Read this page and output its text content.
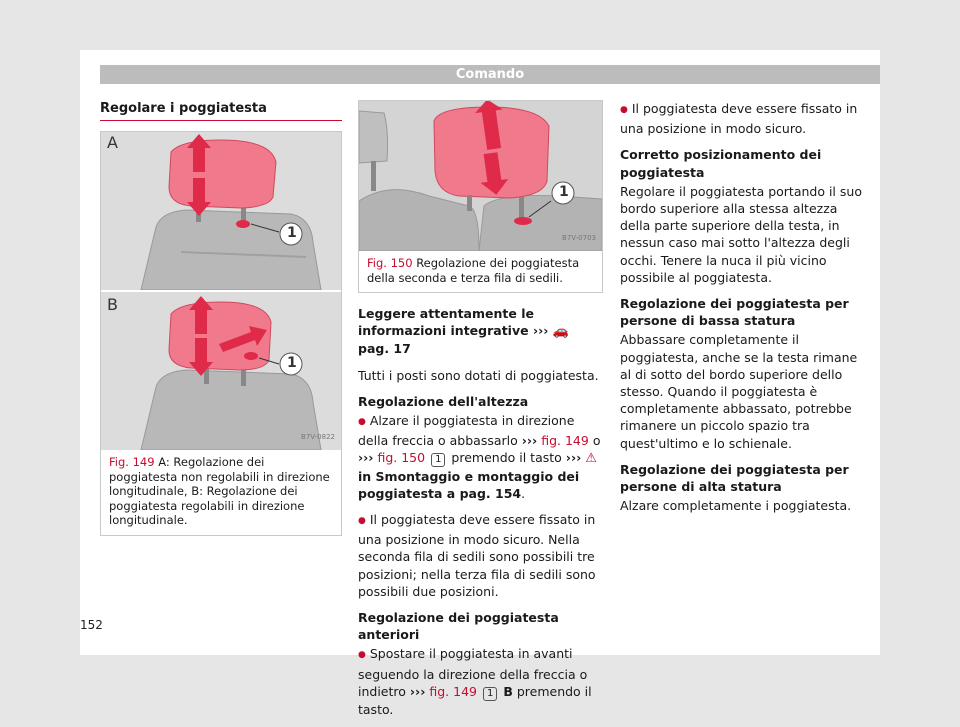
Comando
Regolare i poggiatesta
A
1
B
1
B7V-0822
Fig. 149 A: Regolazione dei poggiatesta non regolabili in direzione longitudinale, B: Regolazione dei poggiatesta regolabili in direzione longitudinale.
1
B7V-0703
Fig. 150 Regolazione dei poggiatesta della seconda e terza fila di sedili.

Leggere attentamente le informazioni integrative ››› 🚗 pag. 17

Tutti i posti sono dotati di poggiatesta.

Regolazione dell'altezza

● Alzare il poggiatesta in direzione della freccia o abbassarlo ››› fig. 149 o ››› fig. 150 1 premendo il tasto ››› ⚠ in Smontaggio e montaggio dei poggiatesta a pag. 154.

● Il poggiatesta deve essere fissato in una posizione in modo sicuro. Nella seconda fila di sedili sono possibili tre posizioni; nella terza fila di sedili sono possibili due posizioni.

Regolazione dei poggiatesta anteriori

● Spostare il poggiatesta in avanti seguendo la direzione della freccia o indietro ››› fig. 149 1 B premendo il tasto.

● Il poggiatesta deve essere fissato in una posizione in modo sicuro.

Corretto posizionamento dei poggiatesta

Regolare il poggiatesta portando il suo bordo superiore alla stessa altezza della parte superiore della testa, in nessun caso mai sotto l'altezza degli occhi. Tenere la nuca il più vicino possibile al poggiatesta.

Regolazione dei poggiatesta per persone di bassa statura

Abbassare completamente il poggiatesta, anche se la testa rimane al di sotto del bordo superiore dello stesso. Quando il poggiatesta è completamente abbassato, potrebbe rimanere un piccolo spazio tra quest'ultimo e lo schienale.

Regolazione dei poggiatesta per persone di alta statura

Alzare completamente i poggiatesta.

152
